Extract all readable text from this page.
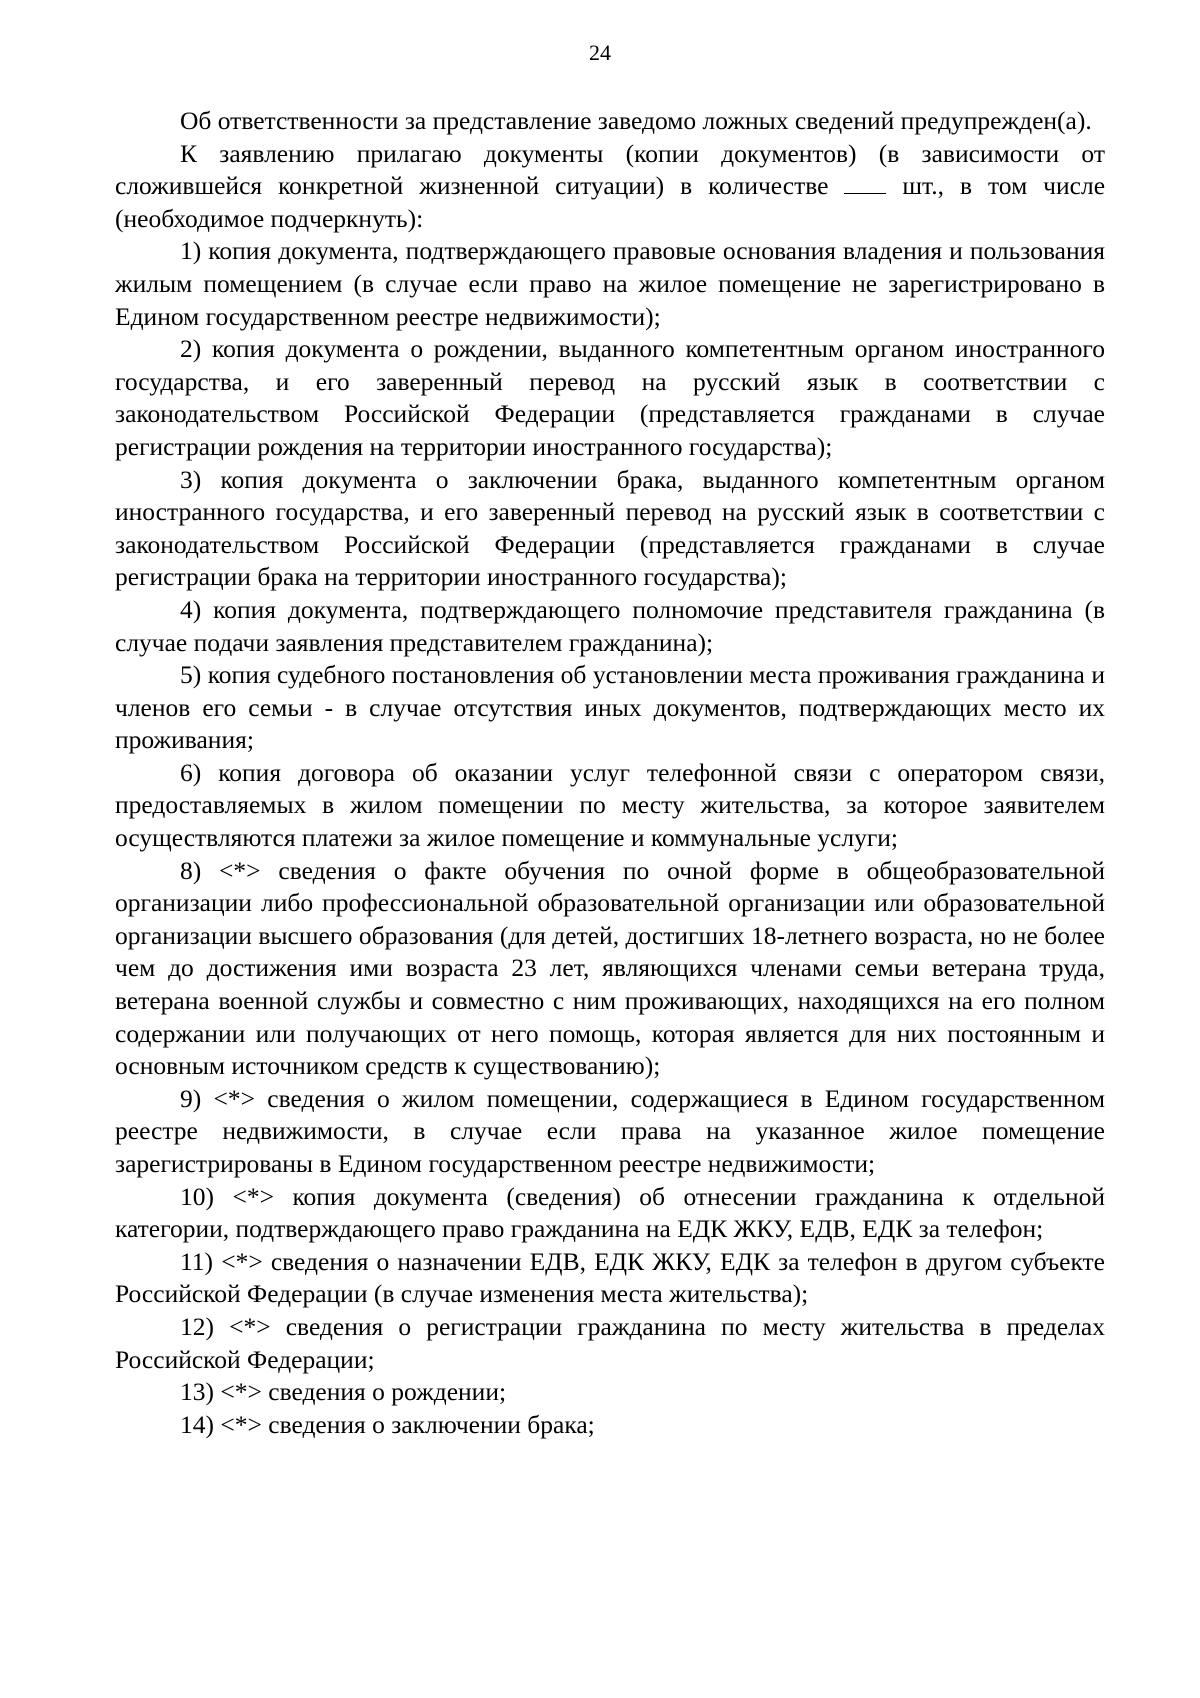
24

Об ответственности за представление заведомо ложных сведений предупрежден(а).

К заявлению прилагаю документы (копии документов) (в зависимости от сложившейся конкретной жизненной ситуации) в количестве	шт., в том числе (необходимое подчеркнуть):

1) копия документа, подтверждающего правовые основания владения и пользования жилым помещением (в случае если право на жилое помещение не зарегистрировано в Едином государственном реестре недвижимости);

2) копия документа о рождении, выданного компетентным органом иностранного государства, и его заверенный перевод на русский язык в соответствии с законодательством Российской Федерации (представляется гражданами в случае регистрации рождения на территории иностранного государства);

3) копия документа о заключении брака, выданного компетентным органом иностранного государства, и его заверенный перевод на русский язык в соответствии с законодательством Российской Федерации (представляется гражданами в случае регистрации брака на территории иностранного государства);

4) копия документа, подтверждающего полномочие представителя гражданина (в случае подачи заявления представителем гражданина);

5) копия судебного постановления об установлении места проживания гражданина и членов его семьи - в случае отсутствия иных документов, подтверждающих место их проживания;

6) копия договора об оказании услуг телефонной связи с оператором связи, предоставляемых в жилом помещении по месту жительства, за которое заявителем осуществляются платежи за жилое помещение и коммунальные услуги;

8) <*> сведения о факте обучения по очной форме в общеобразовательной организации либо профессиональной образовательной организации или образовательной организации высшего образования (для детей, достигших 18-летнего возраста, но не более чем до достижения ими возраста 23 лет, являющихся членами семьи ветерана труда, ветерана военной службы и совместно с ним проживающих, находящихся на его полном содержании или получающих от него помощь, которая является для них постоянным и основным источником средств к существованию);

9) <*> сведения о жилом помещении, содержащиеся в Едином государственном реестре недвижимости, в случае если права на указанное жилое помещение зарегистрированы в Едином государственном реестре недвижимости;

10) <*> копия документа (сведения) об отнесении гражданина к отдельной категории, подтверждающего право гражданина на ЕДК ЖКУ, ЕДВ, ЕДК за телефон;

11) <*> сведения о назначении ЕДВ, ЕДК ЖКУ, ЕДК за телефон в другом субъекте Российской Федерации (в случае изменения места жительства);

12) <*> сведения о регистрации гражданина по месту жительства в пределах Российской Федерации;

13) <*> сведения о рождении;

14) <*> сведения о заключении брака;
